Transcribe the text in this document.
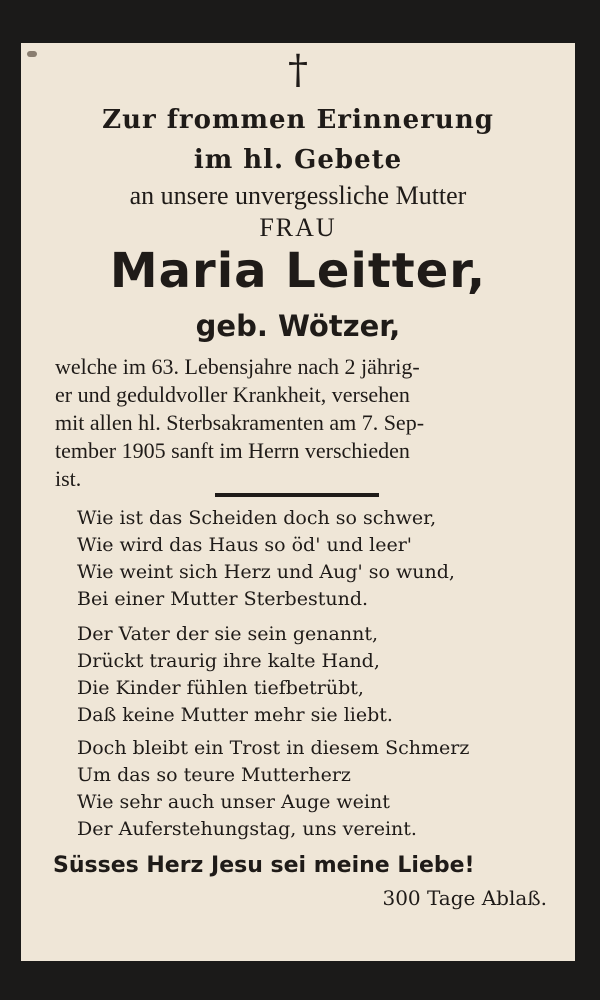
†
Zur frommen Erinnerung
im hl. Gebete
an unsere unvergessliche Mutter
FRAU
Maria Leitter,
geb. Wötzer,
welche im 63. Lebensjahre nach 2 jährig-
er und geduldvoller Krankheit, versehen
mit allen hl. Sterbsakramenten am 7. Sep-
tember 1905 sanft im Herrn verschieden
ist.
Wie ist das Scheiden doch so schwer,
Wie wird das Haus so öd' und leer'
Wie weint sich Herz und Aug' so wund,
Bei einer Mutter Sterbestund.
Der Vater der sie sein genannt,
Drückt traurig ihre kalte Hand,
Die Kinder fühlen tiefbetrübt,
Daß keine Mutter mehr sie liebt.
Doch bleibt ein Trost in diesem Schmerz
Um das so teure Mutterherz
Wie sehr auch unser Auge weint
Der Auferstehungstag, uns vereint.
Süsses Herz Jesu sei meine Liebe!
300 Tage Ablaß.
